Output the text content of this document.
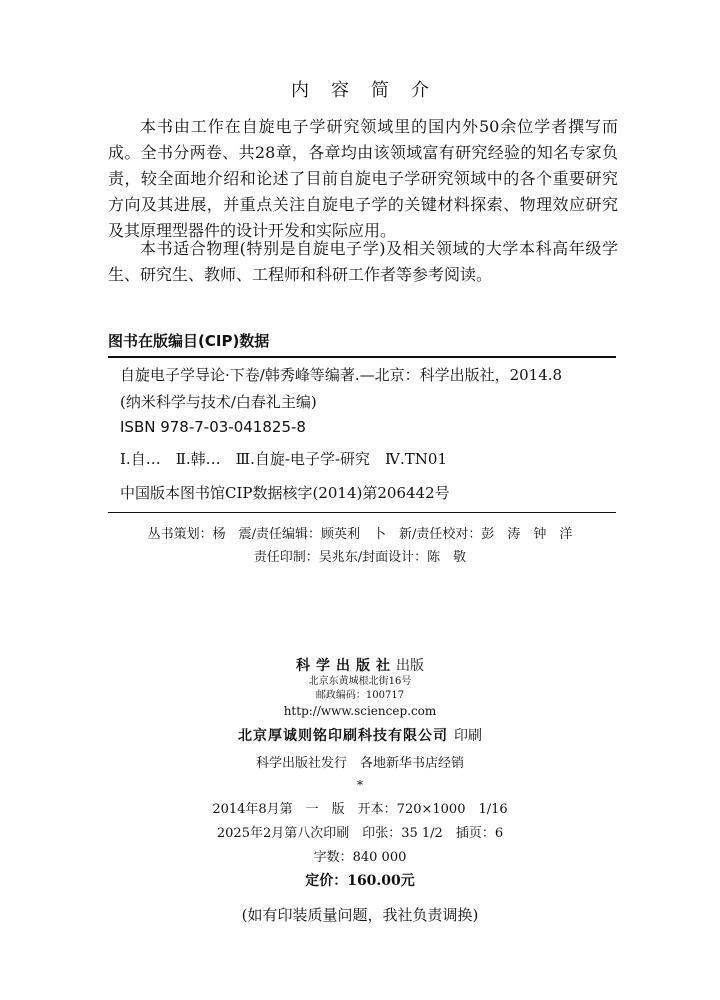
内容简介
本书由工作在自旋电子学研究领域里的国内外50余位学者撰写而成。全书分两卷、共28章，各章均由该领域富有研究经验的知名专家负责，较全面地介绍和论述了目前自旋电子学研究领域中的各个重要研究方向及其进展，并重点关注自旋电子学的关键材料探索、物理效应研究及其原理型器件的设计开发和实际应用。
本书适合物理(特别是自旋电子学)及相关领域的大学本科高年级学生、研究生、教师、工程师和科研工作者等参考阅读。
图书在版编目(CIP)数据
自旋电子学导论·下卷/韩秀峰等编著.—北京：科学出版社，2014.8
(纳米科学与技术/白春礼主编)
ISBN 978-7-03-041825-8
Ⅰ.自…　Ⅱ.韩…　Ⅲ.自旋-电子学-研究　Ⅳ.TN01
中国版本图书馆CIP数据核字(2014)第206442号
丛书策划：杨　震/责任编辑：顾英利　卜　新/责任校对：彭　涛　钟　洋
责任印制：吴兆东/封面设计：陈　敬
科学出版社出版
北京东黄城根北街16号
邮政编码：100717
http://www.sciencep.com
北京厚诚则铭印刷科技有限公司 印刷
科学出版社发行　各地新华书店经销
*
2014年8月第　一　版　开本：720×1000　1/16
2025年2月第八次印刷　印张：35 1/2　插页：6
字数：840 000
定价：160.00元
(如有印装质量问题，我社负责调换)
